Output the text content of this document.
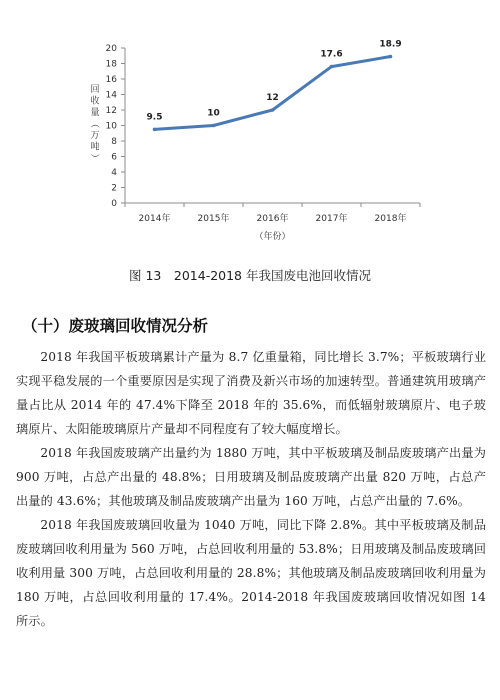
0
2
4
6
8
10
12
14
16
18
20
2014年	2015年	2016年	2017年	2018年
（年份）
回
收
量
（
万
吨
）
9.5	10
12
17.6
18.9
图 13　2014-2018 年我国废电池回收情况
（十）废玻璃回收情况分析

2018 年我国平板玻璃累计产量为 8.7 亿重量箱，同比增长 3.7%；平板玻璃行业实现平稳发展的一个重要原因是实现了消费及新兴市场的加速转型。普通建筑用玻璃产量占比从 2014 年的 47.4%下降至 2018 年的 35.6%，而低辐射玻璃原片、电子玻璃原片、太阳能玻璃原片产量却不同程度有了较大幅度增长。

2018 年我国废玻璃产出量约为 1880 万吨，其中平板玻璃及制品废玻璃产出量为 900 万吨，占总产出量的 48.8%；日用玻璃及制品废玻璃产出量 820 万吨，占总产出量的 43.6%；其他玻璃及制品废玻璃产出量为 160 万吨，占总产出量的 7.6%。

2018 年我国废玻璃回收量为 1040 万吨，同比下降 2.8%。其中平板玻璃及制品废玻璃回收利用量为 560 万吨，占总回收利用量的 53.8%；日用玻璃及制品废玻璃回收利用量 300 万吨，占总回收利用量的 28.8%；其他玻璃及制品废玻璃回收利用量为 180 万吨，占总回收利用量的 17.4%。2014-2018 年我国废玻璃回收情况如图 14 所示。
